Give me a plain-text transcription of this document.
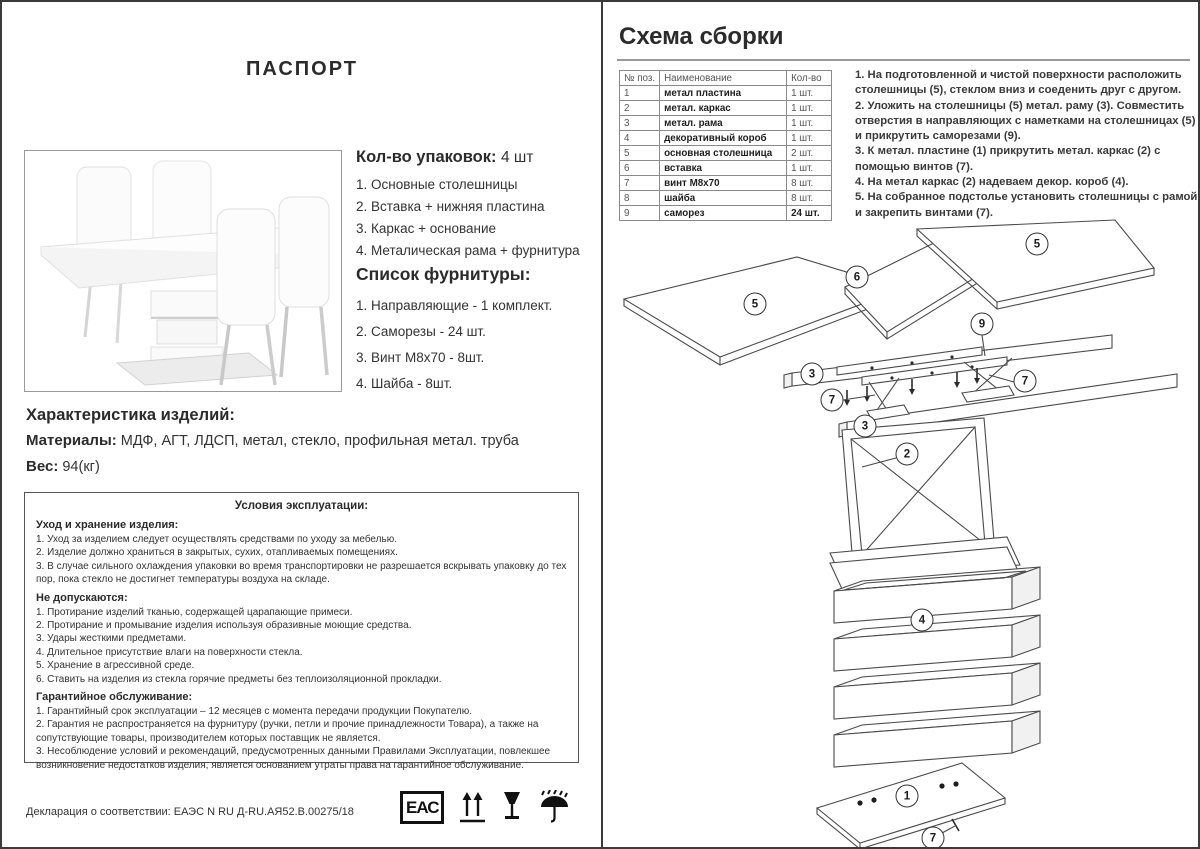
ПАСПОРТ
Кол-во упаковок: 4 шт
1. Основные столешницы
2. Вставка + нижняя пластина
3. Каркас + основание
4. Металическая рама + фурнитура
Список фурнитуры:
1. Направляющие - 1 комплект.
2. Саморезы - 24 шт.
3. Винт М8х70 - 8шт.
4. Шайба - 8шт.
Характеристика изделий:
Материалы: МДФ, АГТ, ЛДСП, метал, стекло, профильная метал. труба
Вес: 94(кг)
Условия эксплуатации:
Уход и хранение изделия:
1. Уход за изделием следует осуществлять средствами по уходу за мебелью.
2. Изделие должно храниться в закрытых, сухих, отапливаемых помещениях.
3. В случае сильного охлаждения упаковки во время транспортировки не разрешается вскрывать упаковку до тех пор, пока стекло не достигнет температуры воздуха на складе.
Не допускаются:
1. Протирание изделий тканью, содержащей царапающие примеси.
2. Протирание и промывание изделия используя образивные моющие средства.
3. Удары жесткими предметами.
4. Длительное присутствие влаги на поверхности стекла.
5. Хранение в агрессивной среде.
6. Ставить на изделия из стекла горячие предметы без теплоизоляционной прокладки.
Гарантийное обслуживание:
1. Гарантийный срок эксплуатации – 12 месяцев с момента передачи продукции Покупателю.
2. Гарантия не распространяется на фурнитуру (ручки, петли и прочие принадлежности Товара), а также на сопутствующие товары, производителем которых поставщик не является.
3. Несоблюдение условий и рекомендаций, предусмотренных данными Правилами Эксплуатации, повлекшее возникновение недостатков изделия, является основанием утраты права на гарантийное обслуживание.
Декларация о соответствии: ЕАЭС N RU Д-RU.АЯ52.В.00275/18	ЕАС
Схема сборки
№ поз.	Наименование	Кол-во
1	метал пластина	1 шт.
2	метал. каркас	1 шт.
3	метал. рама	1 шт.
4	декоративный короб	1 шт.
5	основная столешница	2 шт.
6	вставка	1 шт.
7	винт М8х70	8 шт.
8	шайба	8 шт.
9	саморез	24 шт.
1. На подготовленной и чистой поверхности расположить столешницы (5), стеклом вниз и соеденить друг с другом.
2. Уложить на столешницы (5) метал. раму (3). Совместить отверстия в направляющих с наметками на столешницах (5) и прикрутить саморезами (9).
3. К метал. пластине (1) прикрутить метал. каркас (2) с помощью винтов (7).
4. На метал каркас (2) надеваем декор. короб (4).
5. На собранное подстолье установить столешницы с рамой и закрепить винтами (7).
5
6
5
9
3
7
7
3
2
4
1
7
